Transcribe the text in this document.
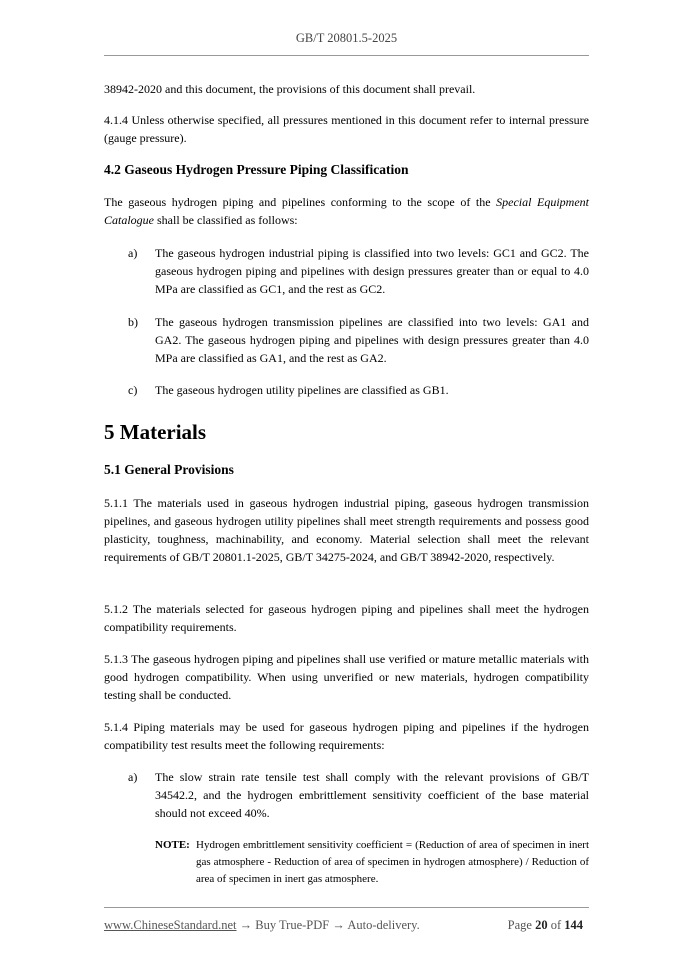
GB/T 20801.5-2025

38942-2020 and this document, the provisions of this document shall prevail.

4.1.4 Unless otherwise specified, all pressures mentioned in this document refer to internal pressure (gauge pressure).

4.2 Gaseous Hydrogen Pressure Piping Classification

The gaseous hydrogen piping and pipelines conforming to the scope of the Special Equipment Catalogue shall be classified as follows:

a) The gaseous hydrogen industrial piping is classified into two levels: GC1 and GC2. The gaseous hydrogen piping and pipelines with design pressures greater than or equal to 4.0 MPa are classified as GC1, and the rest as GC2.
b) The gaseous hydrogen transmission pipelines are classified into two levels: GA1 and GA2. The gaseous hydrogen piping and pipelines with design pressures greater than 4.0 MPa are classified as GA1, and the rest as GA2.
c) The gaseous hydrogen utility pipelines are classified as GB1.
5 Materials
5.1 General Provisions

5.1.1 The materials used in gaseous hydrogen industrial piping, gaseous hydrogen transmission pipelines, and gaseous hydrogen utility pipelines shall meet strength requirements and possess good plasticity, toughness, machinability, and economy. Material selection shall meet the relevant requirements of GB/T 20801.1-2025, GB/T 34275-2024, and GB/T 38942-2020, respectively.

5.1.2 The materials selected for gaseous hydrogen piping and pipelines shall meet the hydrogen compatibility requirements.

5.1.3 The gaseous hydrogen piping and pipelines shall use verified or mature metallic materials with good hydrogen compatibility. When using unverified or new materials, hydrogen compatibility testing shall be conducted.

5.1.4 Piping materials may be used for gaseous hydrogen piping and pipelines if the hydrogen compatibility test results meet the following requirements:

a) The slow strain rate tensile test shall comply with the relevant provisions of GB/T 34542.2, and the hydrogen embrittlement sensitivity coefficient of the base material should not exceed 40%.
NOTE: Hydrogen embrittlement sensitivity coefficient = (Reduction of area of specimen in inert gas atmosphere - Reduction of area of specimen in hydrogen atmosphere) / Reduction of area of specimen in inert gas atmosphere.
www.ChineseStandard.net → Buy True-PDF → Auto-delivery.	Page 20 of 144
